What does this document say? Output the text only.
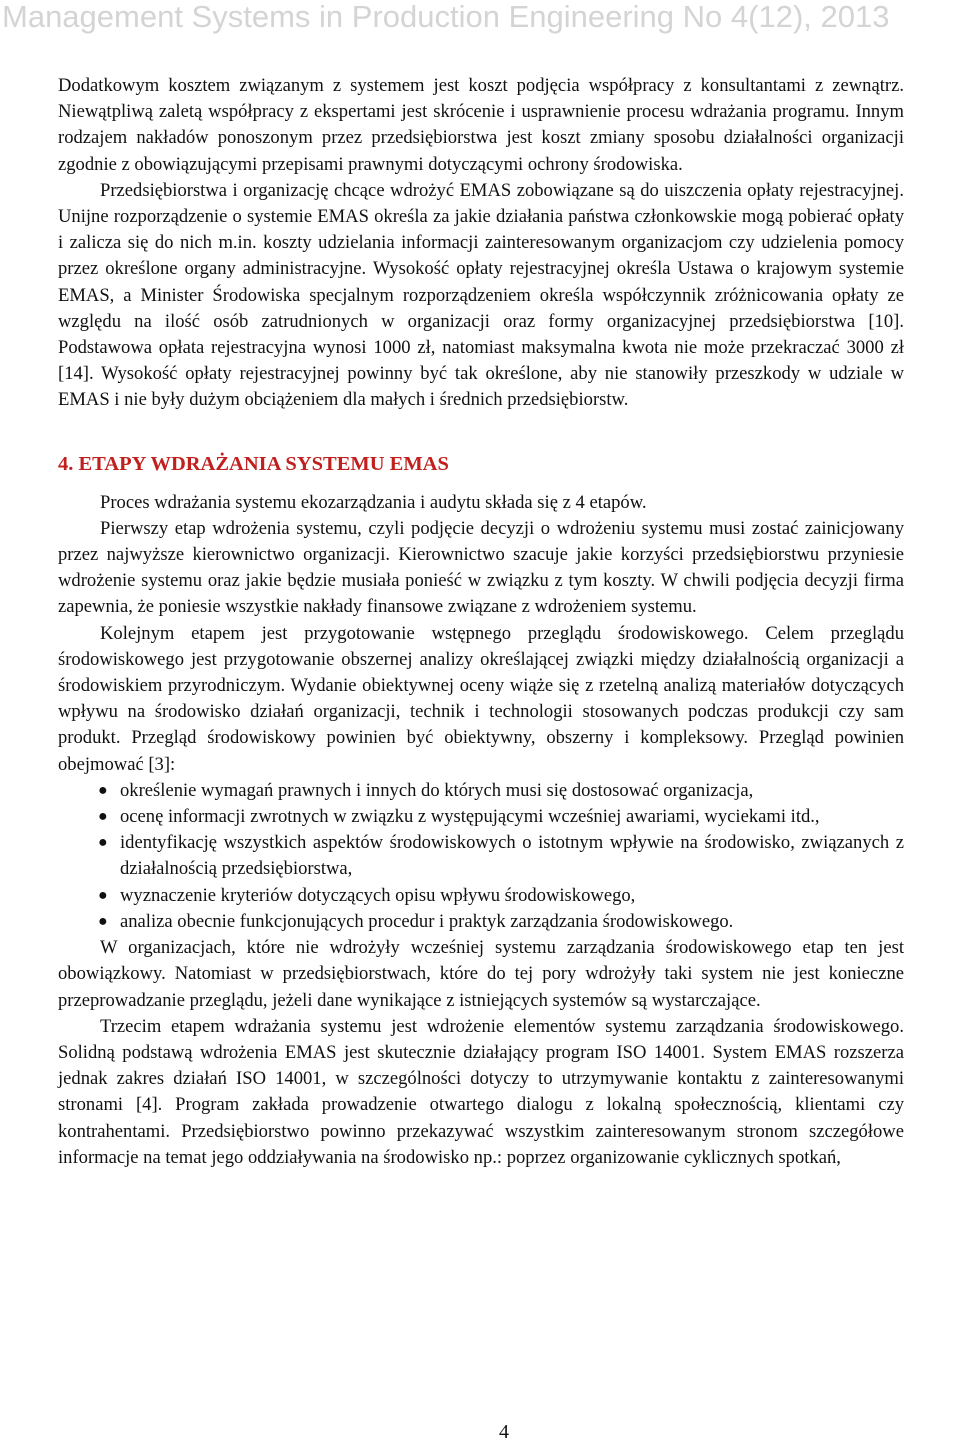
Management Systems in Production Engineering No 4(12), 2013

Dodatkowym kosztem związanym z systemem jest koszt podjęcia współpracy z konsultantami z zewnątrz. Niewątpliwą zaletą współpracy z ekspertami jest skrócenie i usprawnienie procesu wdrażania programu. Innym rodzajem nakładów ponoszonym przez przedsiębiorstwa jest koszt zmiany sposobu działalności organizacji zgodnie z obowiązującymi przepisami prawnymi dotyczącymi ochrony środowiska.

Przedsiębiorstwa i organizację chcące wdrożyć EMAS zobowiązane są do uiszczenia opłaty rejestracyjnej. Unijne rozporządzenie o systemie EMAS określa za jakie działania państwa członkowskie mogą pobierać opłaty i zalicza się do nich m.in. koszty udzielania informacji zainteresowanym organizacjom czy udzielenia pomocy przez określone organy administracyjne. Wysokość opłaty rejestracyjnej określa Ustawa o krajowym systemie EMAS, a Minister Środowiska specjalnym rozporządzeniem określa współczynnik zróżnicowania opłaty ze względu na ilość osób zatrudnionych w organizacji oraz formy organizacyjnej przedsiębiorstwa [10]. Podstawowa opłata rejestracyjna wynosi 1000 zł, natomiast maksymalna kwota nie może przekraczać 3000 zł [14]. Wysokość opłaty rejestracyjnej powinny być tak określone, aby nie stanowiły przeszkody w udziale w EMAS i nie były dużym obciążeniem dla małych i średnich przedsiębiorstw.

4. ETAPY WDRAŻANIA SYSTEMU EMAS

Proces wdrażania systemu ekozarządzania i audytu składa się z 4 etapów.

Pierwszy etap wdrożenia systemu, czyli podjęcie decyzji o wdrożeniu systemu musi zostać zainicjowany przez najwyższe kierownictwo organizacji. Kierownictwo szacuje jakie korzyści przedsiębiorstwu przyniesie wdrożenie systemu oraz jakie będzie musiała ponieść w związku z tym koszty. W chwili podjęcia decyzji firma zapewnia, że poniesie wszystkie nakłady finansowe związane z wdrożeniem systemu.

Kolejnym etapem jest przygotowanie wstępnego przeglądu środowiskowego. Celem przeglądu środowiskowego jest przygotowanie obszernej analizy określającej związki między działalnością organizacji a środowiskiem przyrodniczym. Wydanie obiektywnej oceny wiąże się z rzetelną analizą materiałów dotyczących wpływu na środowisko działań organizacji, technik i technologii stosowanych podczas produkcji czy sam produkt. Przegląd środowiskowy powinien być obiektywny, obszerny i kompleksowy. Przegląd powinien obejmować [3]:

● określenie wymagań prawnych i innych do których musi się dostosować organizacja,
● ocenę informacji zwrotnych w związku z występującymi wcześniej awariami, wyciekami itd.,
● identyfikację wszystkich aspektów środowiskowych o istotnym wpływie na środowisko, związanych z działalnością przedsiębiorstwa,
● wyznaczenie kryteriów dotyczących opisu wpływu środowiskowego,
● analiza obecnie funkcjonujących procedur i praktyk zarządzania środowiskowego.

W organizacjach, które nie wdrożyły wcześniej systemu zarządzania środowiskowego etap ten jest obowiązkowy. Natomiast w przedsiębiorstwach, które do tej pory wdrożyły taki system nie jest konieczne przeprowadzanie przeglądu, jeżeli dane wynikające z istniejących systemów są wystarczające.

Trzecim etapem wdrażania systemu jest wdrożenie elementów systemu zarządzania środowiskowego. Solidną podstawą wdrożenia EMAS jest skutecznie działający program ISO 14001. System EMAS rozszerza jednak zakres działań ISO 14001, w szczególności dotyczy to utrzymywanie kontaktu z zainteresowanymi stronami [4]. Program zakłada prowadzenie otwartego dialogu z lokalną społecznością, klientami czy kontrahentami. Przedsiębiorstwo powinno przekazywać wszystkim zainteresowanym stronom szczegółowe informacje na temat jego oddziaływania na środowisko np.: poprzez organizowanie cyklicznych spotkań,

4
